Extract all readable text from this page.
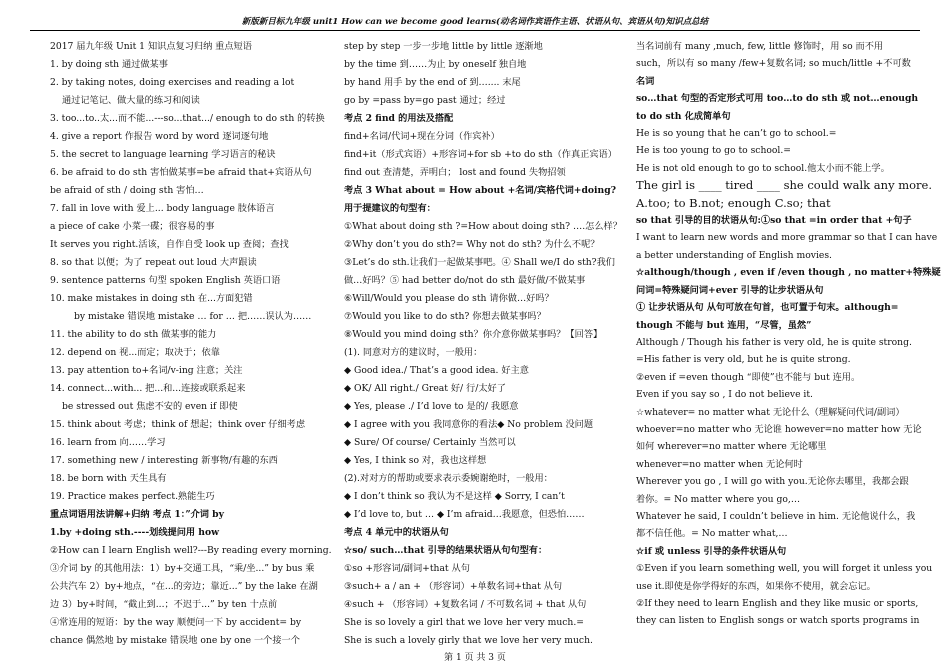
新版新目标九年级 unit1 How can we become good learns(动名词作宾语作主语、状语从句、宾语从句)知识点总结
2017 届九年级 Unit 1 知识点复习归纳 重点短语
1. by doing sth 通过做某事
2. by taking notes, doing exercises and reading a lot
通过记笔记、做大量的练习和阅读
3. too...to..太...而不能...---so...that.../ enough to do sth 的转换
4. give a report 作报告 word by word 逐词逐句地
5. the secret to language learning 学习语言的秘诀
6. be afraid to do sth 害怕做某事=be afraid that+宾语从句
be afraid of sth / doing sth 害怕…
7. fall in love with 爱上... body language 肢体语言
a piece of cake 小菜一碟；很容易的事
It serves you right.活该，自作自受 look up 查阅；查找
8. so that 以便；为了 repeat out loud 大声跟读
9. sentence patterns 句型 spoken English 英语口语
10. make mistakes in doing sth 在...方面犯错
by mistake 错误地 mistake … for … 把……误认为……
11. the ability to do sth 做某事的能力
12. depend on 视...而定；取决于；依靠
13. pay attention to+名词/v-ing 注意；关注
14. connect...with... 把...和...连接或联系起来
be stressed out 焦虑不安的 even if 即使
15. think about 考虑；think of 想起；think over 仔细考虑
16. learn from 向……学习
17. something new / interesting 新事物/有趣的东西
18. be born with 天生具有
19. Practice makes perfect.熟能生巧
重点词语用法讲解+归纳 考点 1：”介词 by
1.by +doing sth.----划线提问用 how
②How can I learn English well?---By reading every morning.
③介词 by 的其他用法：1）by+交通工具，“乘/坐...” by bus 乘
公共汽车 2）by+地点，“在...的旁边；靠近...” by the lake 在湖
边 3）by+时间，“截止到...；不迟于...” by ten 十点前
④常连用的短语：by the way 顺便问一下 by accident= by
chance 偶然地 by mistake 错误地 one by one 一个接一个
step by step 一步一步地 little by little 逐渐地
by the time 到……为止 by oneself 独自地
by hand 用手 by the end of 到….... 末尾
go by =pass by=go past 通过；经过
考点 2 find 的用法及搭配
find+名词/代词+现在分词（作宾补）
find+it（形式宾语）+形容词+for sb +to do sth（作真正宾语）
find out 查清楚，弄明白； lost and found 失物招领
考点 3 What about = How about +名词/宾格代词+doing?
用于提建议的句型有：
①What about doing sth ?=How about doing sth? ….怎么样？
②Why don’t you do sth?= Why not do sth? 为什么不呢？
③Let’s do sth.让我们一起做某事吧。④ Shall we/I do sth?我们
做…好吗？⑤ had better do/not do sth 最好做/不做某事
⑥Will/Would you please do sth 请你做…好吗？
⑦Would you like to do sth? 你想去做某事吗？
⑧Would you mind doing sth？你介意你做某事吗？【回答】
(1). 同意对方的建议时，一般用：
◆ Good idea./ That’s a good idea. 好主意
◆ OK/ All right./ Great 好/ 行/太好了
◆ Yes, please ./ I’d love to 是的/ 我愿意
◆ I agree with you 我同意你的看法◆ No problem 没问题
◆ Sure/ Of course/ Certainly 当然可以
◆ Yes, I think so 对，我也这样想
(2).对对方的帮助或要求表示委婉谢绝时，一般用：
◆ I don’t think so 我认为不是这样 ◆ Sorry, I can’t
◆ I’d love to, but … ◆ I’m afraid…我愿意，但恐怕……
考点 4 单元中的状语从句
☆so/ such…that 引导的结果状语从句句型有：
①so +形容词/副词+that 从句
③such+ a / an + （形容词）+单数名词+that 从句
④such + （形容词）+复数名词 / 不可数名词 + that 从句
She is so lovely a girl that we love her very much.=
She is such a lovely girly that we love her very much.
当名词前有 many ,much, few, little 修饰时，用 so 而不用
such，所以有 so many /few+复数名词; so much/little +不可数
名词
so…that 句型的否定形式可用 too…to do sth 或 not…enough
to do sth 化成简单句
He is so young that he can’t go to school.=
He is too young to go to school.=
He is not old enough to go to school.他太小而不能上学。
The girl is ____ tired ____ she could walk any more.
A.too; to B.not; enough C.so; that
so that 引导的目的状语从句:①so that =in order that +句子
I want to learn new words and more grammar so that I can have
a better understanding of English movies.
☆although/though , even if /even though , no matter+特殊疑
问词=特殊疑问词+ever 引导的让步状语从句
① 让步状语从句 从句可放在句首，也可置于句末。although=
though 不能与 but 连用，“尽管，虽然”
Although / Though his father is very old, he is quite strong.
=His father is very old, but he is quite strong.
②even if =even though “即使”也不能与 but 连用。
Even if you say so , I do not believe it.
☆whatever= no matter what 无论什么（理解疑问代词/副词）
whoever=no matter who 无论谁 however=no matter how 无论
如何 wherever=no matter where 无论哪里
whenever=no matter when 无论何时
Wherever you go , I will go with you.无论你去哪里，我都会跟
着你。= No matter where you go,…
Whatever he said, I couldn’t believe in him. 无论他说什么，我
都不信任他。= No matter what,…
☆if 或 unless 引导的条件状语从句
①Even if you learn something well, you will forget it unless you
use it.即使是你学得好的东西，如果你不使用，就会忘记。
②If they need to learn English and they like music or sports,
they can listen to English songs or watch sports programs in
第 1 页 共 3 页
